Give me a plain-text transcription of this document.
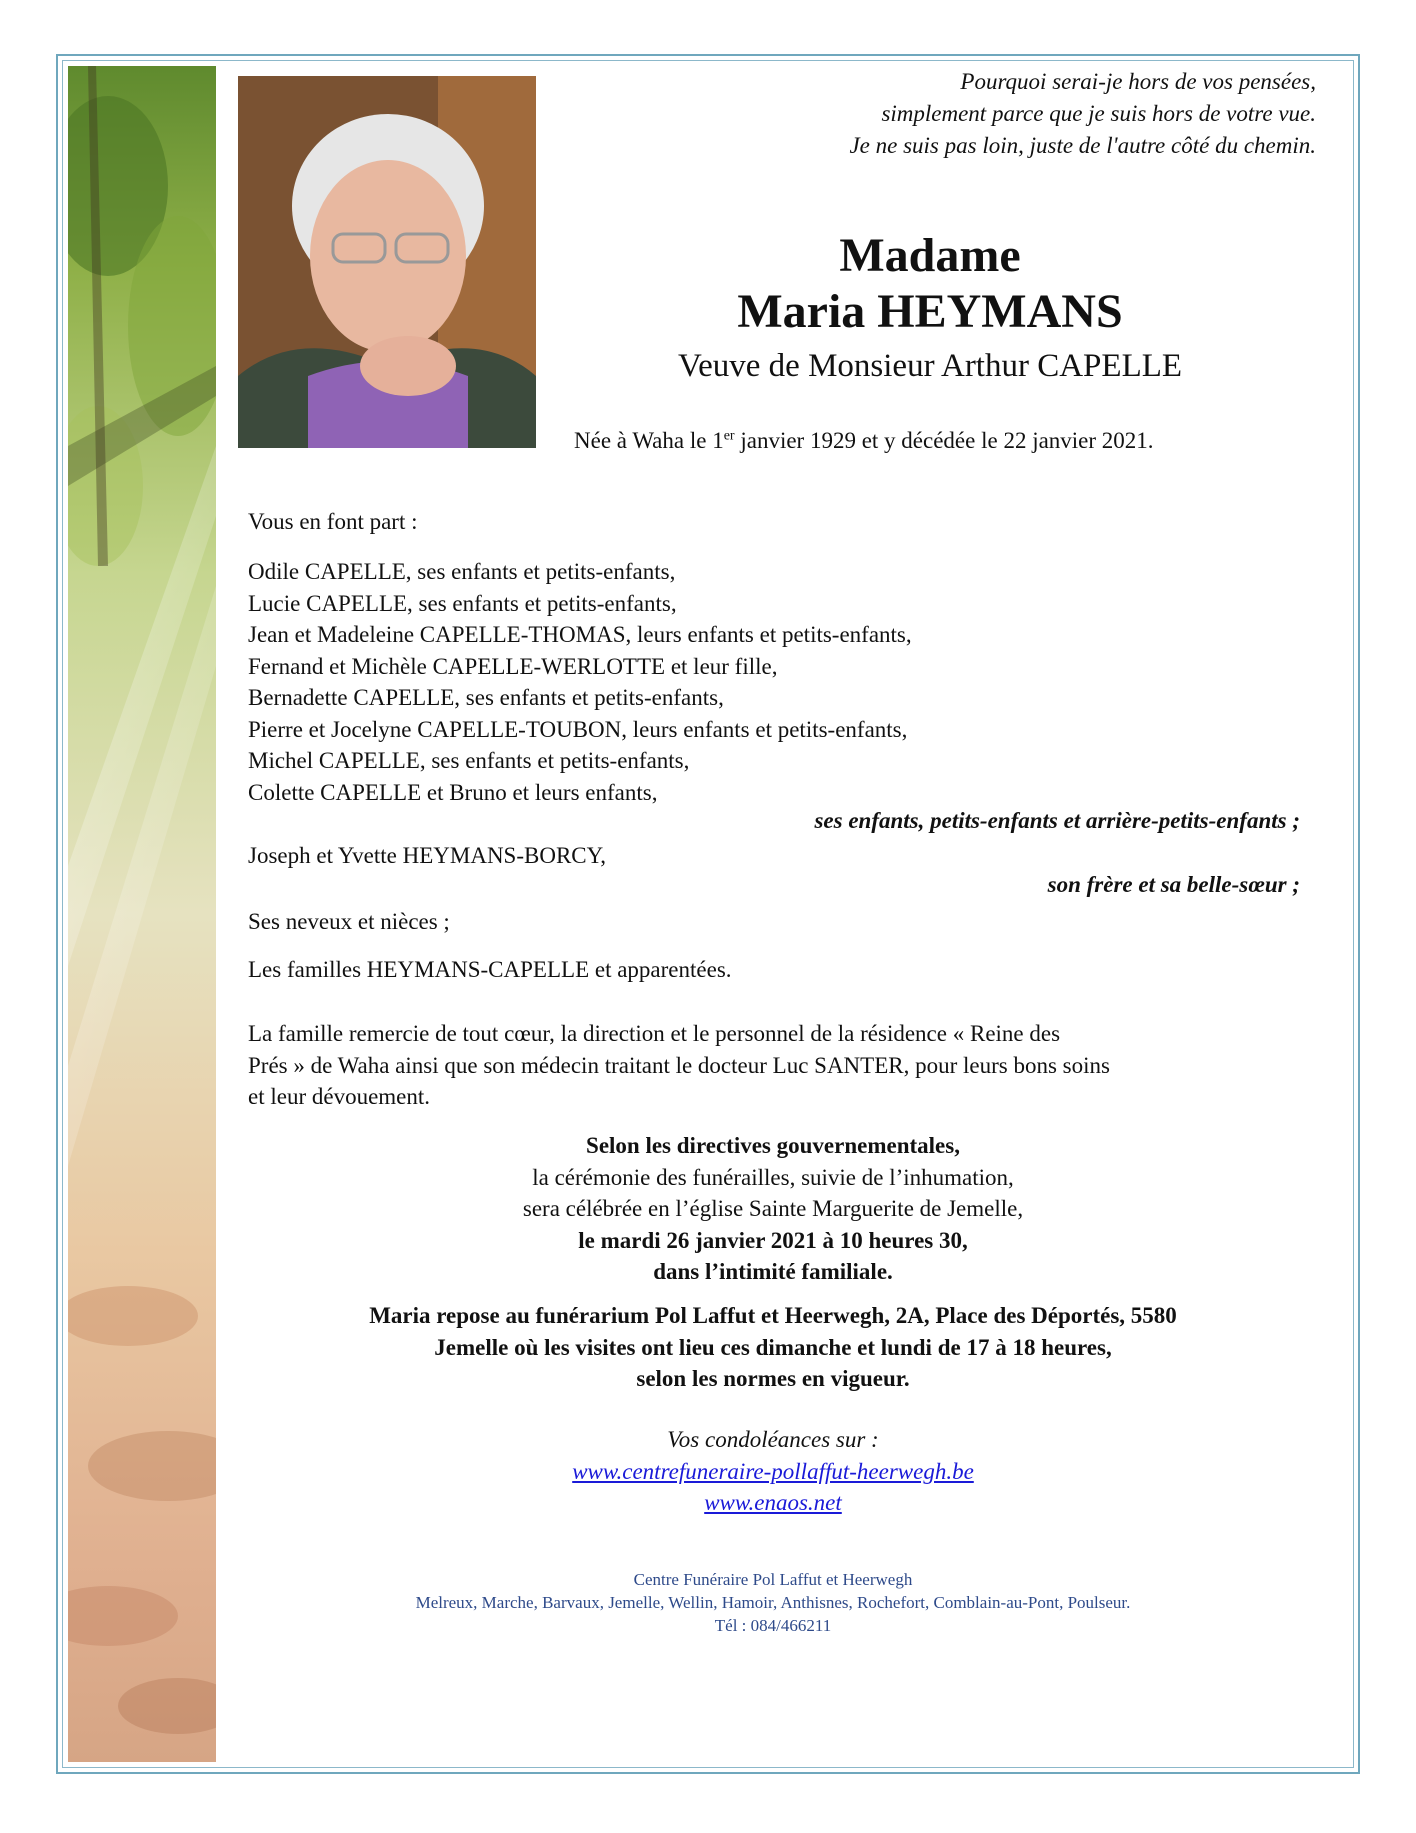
Pourquoi serai-je hors de vos pensées,
simplement parce que je suis hors de votre vue.
Je ne suis pas loin, juste de l'autre côté du chemin.
Madame
Maria HEYMANS
Veuve de Monsieur Arthur CAPELLE
Née à Waha le 1er janvier 1929 et y décédée le 22 janvier 2021.
Vous en font part :
Odile CAPELLE, ses enfants et petits-enfants,
Lucie CAPELLE, ses enfants et petits-enfants,
Jean et Madeleine CAPELLE-THOMAS, leurs enfants et petits-enfants,
Fernand et Michèle CAPELLE-WERLOTTE et leur fille,
Bernadette CAPELLE, ses enfants et petits-enfants,
Pierre et Jocelyne CAPELLE-TOUBON, leurs enfants et petits-enfants,
Michel CAPELLE, ses enfants et petits-enfants,
Colette CAPELLE et Bruno et leurs enfants,
ses enfants, petits-enfants et arrière-petits-enfants ;
Joseph et Yvette HEYMANS-BORCY,
son frère et sa belle-sœur ;
Ses neveux et nièces ;
Les familles HEYMANS-CAPELLE et apparentées.
La famille remercie de tout cœur, la direction et le personnel de la résidence « Reine des
Prés » de Waha ainsi que son médecin traitant le docteur Luc SANTER, pour leurs bons soins
et leur dévouement.
Selon les directives gouvernementales,
la cérémonie des funérailles, suivie de l’inhumation,
sera célébrée en l’église Sainte Marguerite de Jemelle,
le mardi 26 janvier 2021 à 10 heures 30,
dans l’intimité familiale.
Maria repose au funérarium Pol Laffut et Heerwegh, 2A, Place des Déportés, 5580
Jemelle où les visites ont lieu ces dimanche et lundi de 17 à 18 heures,
selon les normes en vigueur.
Vos condoléances sur :
www.centrefuneraire-pollaffut-heerwegh.be
www.enaos.net
Centre Funéraire Pol Laffut et Heerwegh
Melreux, Marche, Barvaux, Jemelle, Wellin, Hamoir, Anthisnes, Rochefort, Comblain-au-Pont, Poulseur.
Tél : 084/466211
